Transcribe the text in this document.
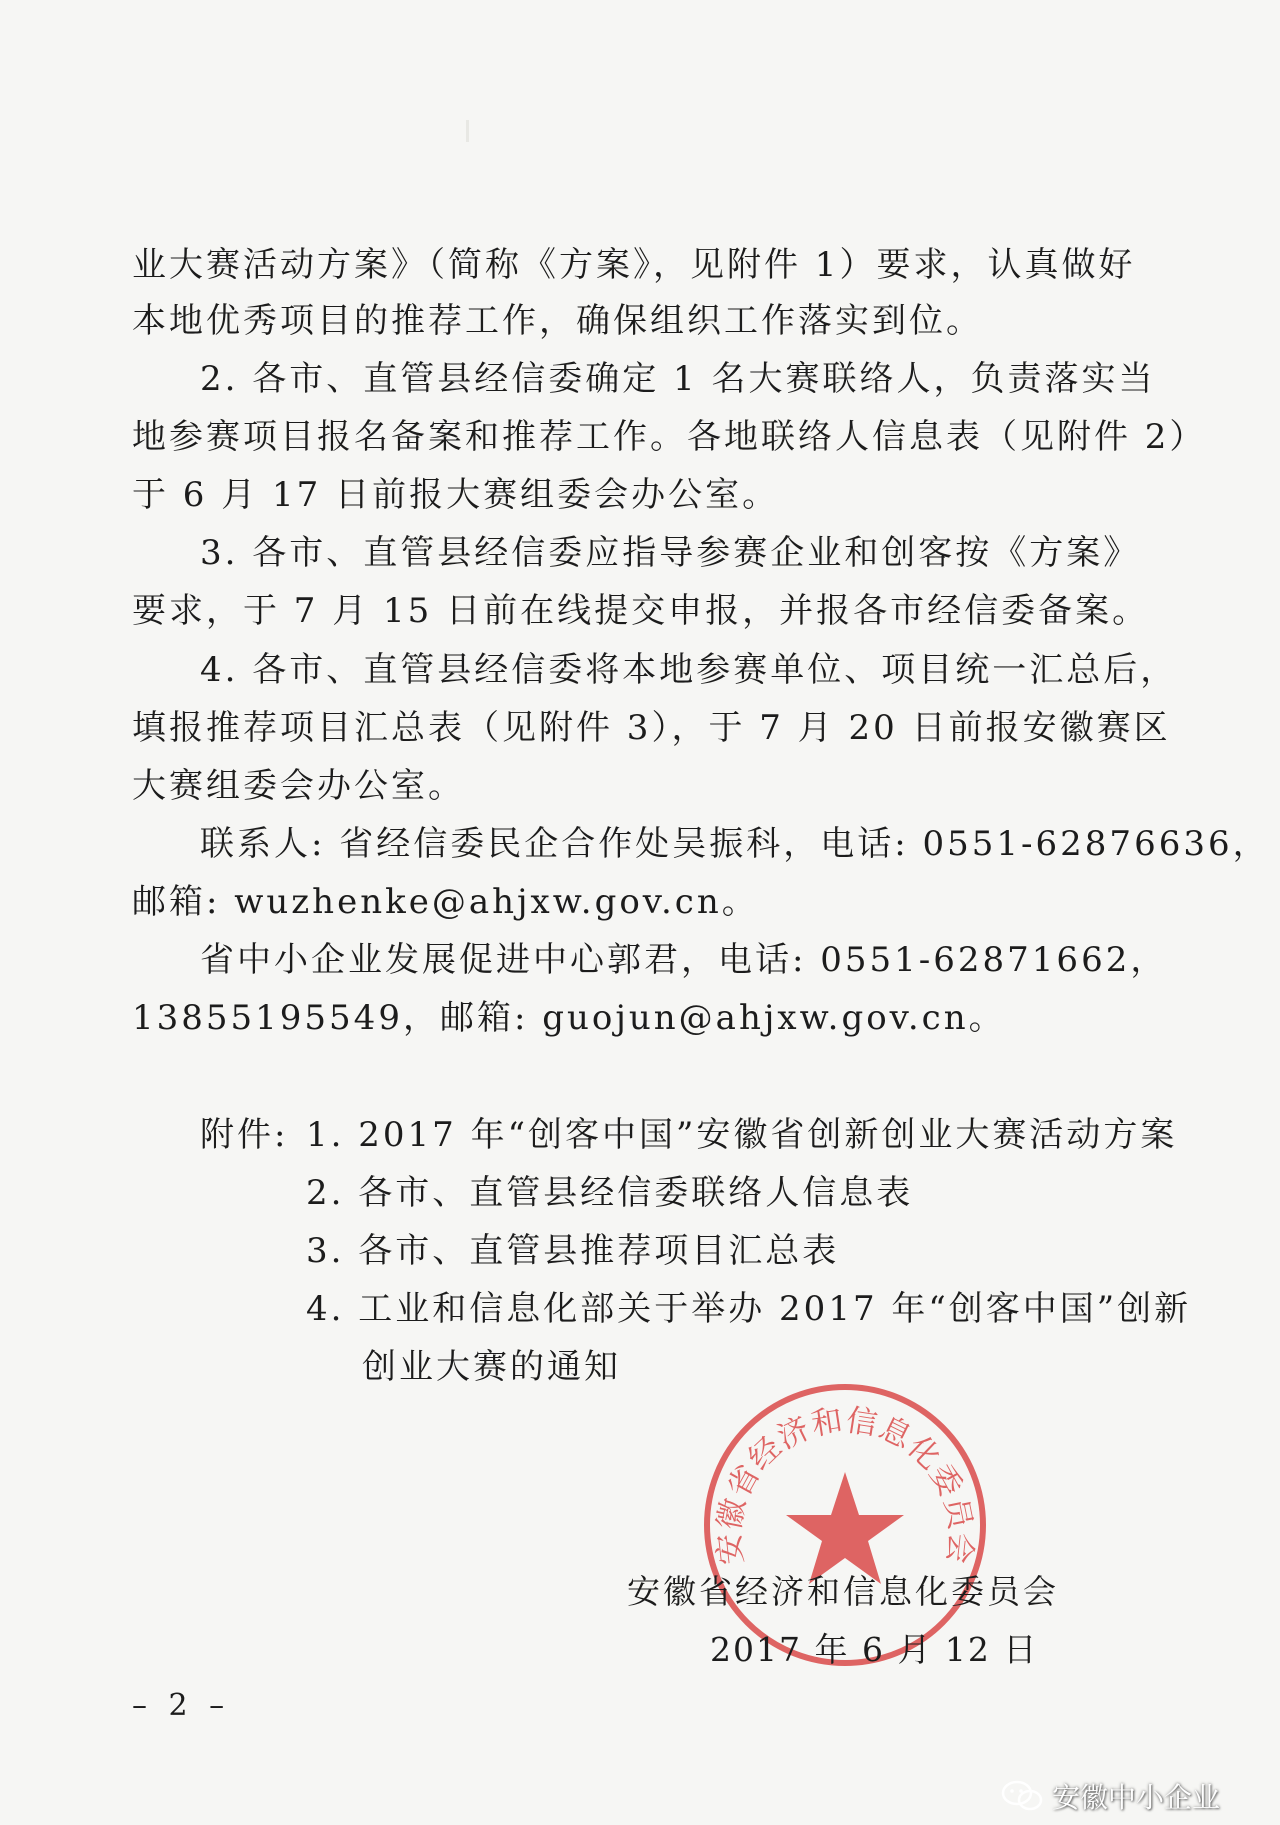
业大赛活动方案》（简称《方案》，见附件 1）要求，认真做好

本地优秀项目的推荐工作，确保组织工作落实到位。

2. 各市、直管县经信委确定 1 名大赛联络人，负责落实当

地参赛项目报名备案和推荐工作。各地联络人信息表（见附件 2）

于 6 月 17 日前报大赛组委会办公室。

3. 各市、直管县经信委应指导参赛企业和创客按《方案》

要求，于 7 月 15 日前在线提交申报，并报各市经信委备案。

4. 各市、直管县经信委将本地参赛单位、项目统一汇总后，

填报推荐项目汇总表（见附件 3），于 7 月 20 日前报安徽赛区

大赛组委会办公室。

联系人: 省经信委民企合作处吴振科，电话: 0551-62876636，

邮箱: wuzhenke@ahjxw.gov.cn。

省中小企业发展促进中心郭君，电话: 0551-62871662，

13855195549，邮箱: guojun@ahjxw.gov.cn。

附件: 1. 2017 年“创客中国”安徽省创新创业大赛活动方案

2. 各市、直管县经信委联络人信息表

3. 各市、直管县推荐项目汇总表

4. 工业和信息化部关于举办 2017 年“创客中国”创新

创业大赛的通知

安徽省经济和信息化委员会

安徽省经济和信息化委员会

2017 年 6 月 12 日

– 2 –

安徽中小企业
